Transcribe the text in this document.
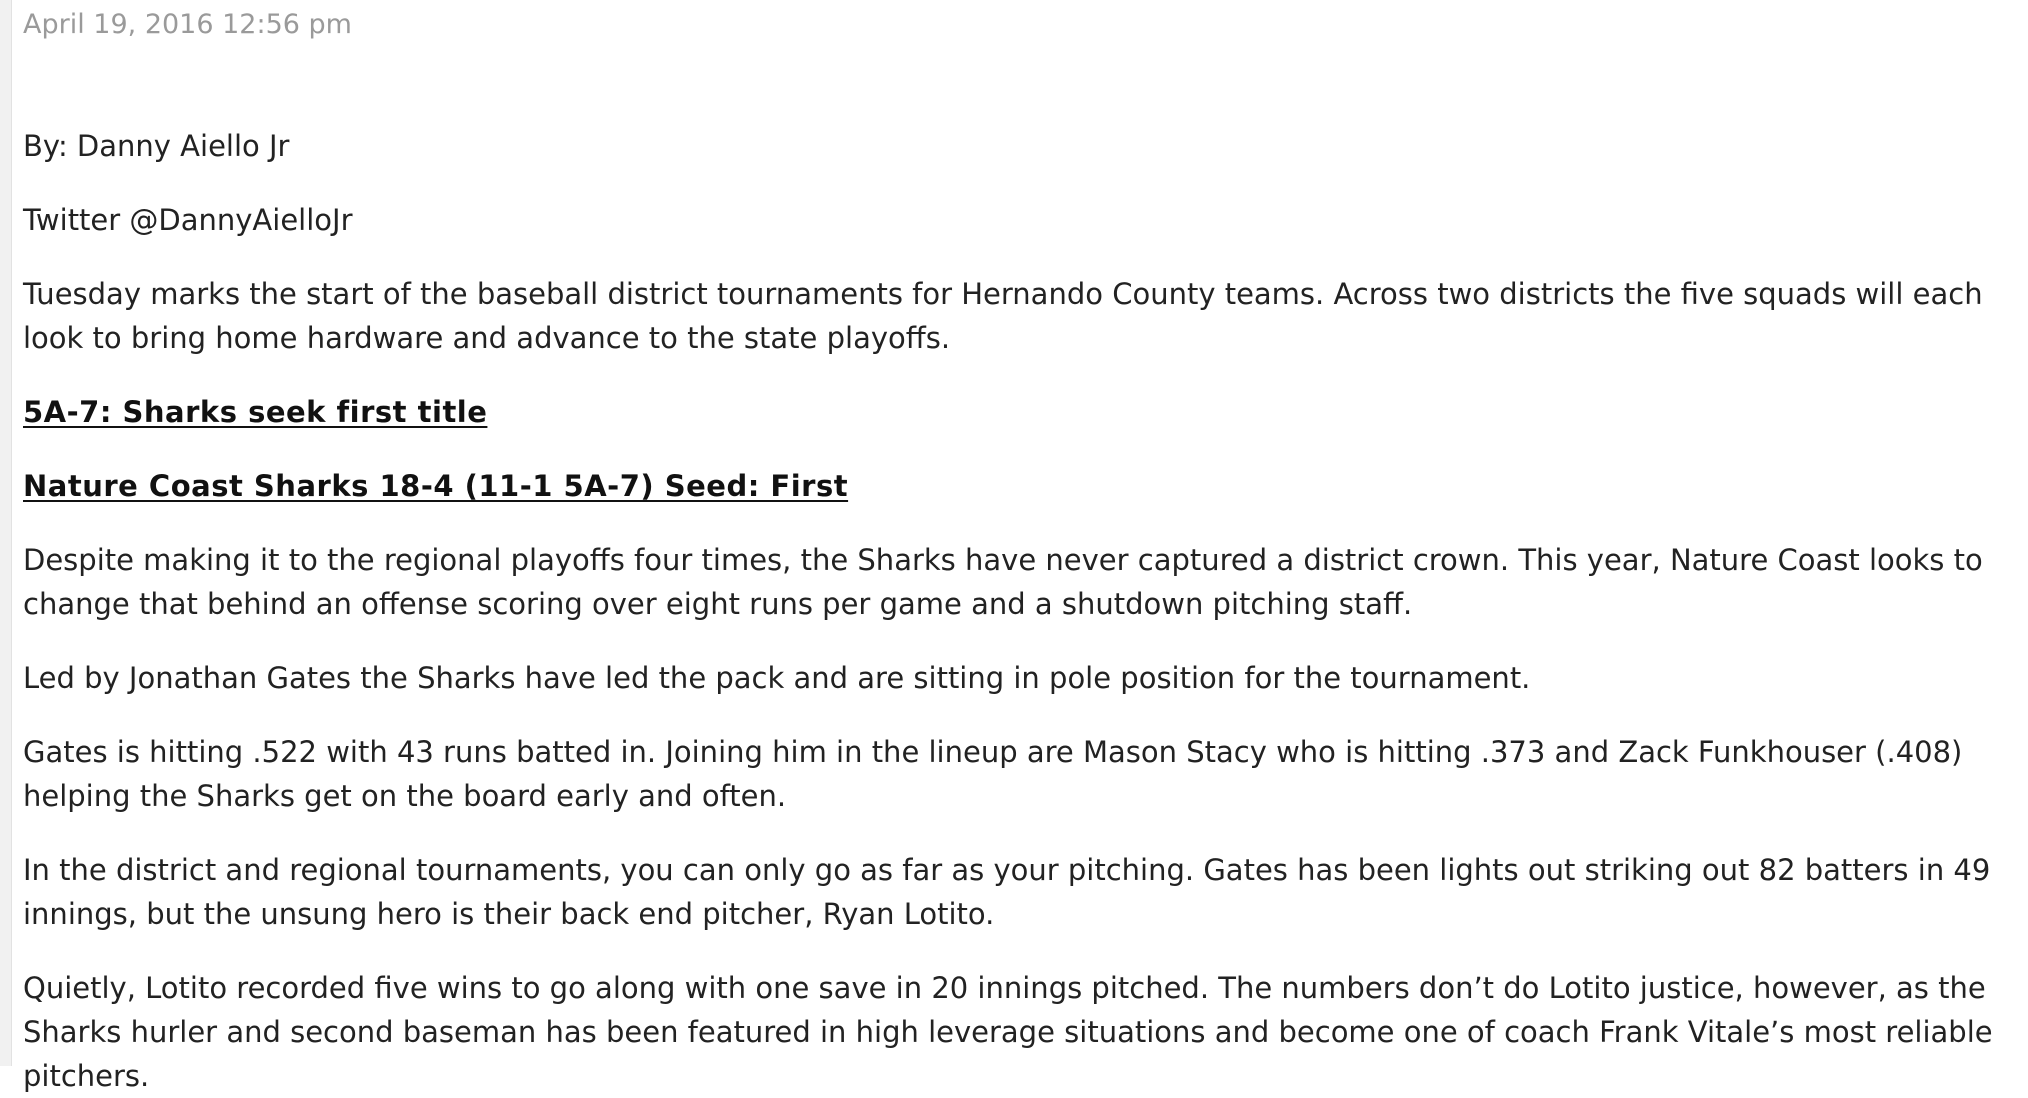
April 19, 2016 12:56 pm

By: Danny Aiello Jr

Twitter @DannyAielloJr

Tuesday marks the start of the baseball district tournaments for Hernando County teams. Across two districts the five squads will each look to bring home hardware and advance to the state playoffs.

5A-7: Sharks seek first title

Nature Coast Sharks 18-4 (11-1 5A-7) Seed: First

Despite making it to the regional playoffs four times, the Sharks have never captured a district crown. This year, Nature Coast looks to change that behind an offense scoring over eight runs per game and a shutdown pitching staff.

Led by Jonathan Gates the Sharks have led the pack and are sitting in pole position for the tournament.

Gates is hitting .522 with 43 runs batted in. Joining him in the lineup are Mason Stacy who is hitting .373 and Zack Funkhouser (.408) helping the Sharks get on the board early and often.

In the district and regional tournaments, you can only go as far as your pitching. Gates has been lights out striking out 82 batters in 49 innings, but the unsung hero is their back end pitcher, Ryan Lotito.

Quietly, Lotito recorded five wins to go along with one save in 20 innings pitched. The numbers don’t do Lotito justice, however, as the Sharks hurler and second baseman has been featured in high leverage situations and become one of coach Frank Vitale’s most reliable pitchers.
